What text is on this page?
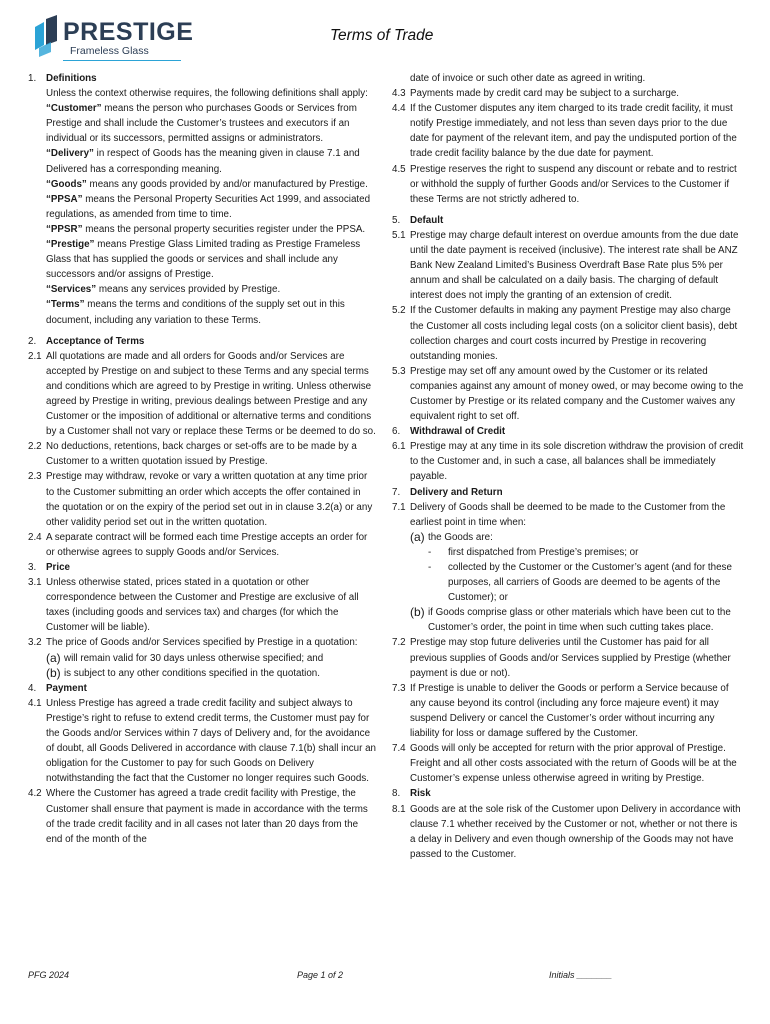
PRESTIGE
Frameless Glass
Terms of Trade
1.	Definitions
Unless the context otherwise requires, the following definitions shall apply:
“Customer” means the person who purchases Goods or Services from Prestige and shall include the Customer’s trustees and executors if an individual or its successors, permitted assigns or administrators.
“Delivery” in respect of Goods has the meaning given in clause 7.1 and Delivered has a corresponding meaning.
“Goods” means any goods provided by and/or manufactured by Prestige.
“PPSA” means the Personal Property Securities Act 1999, and associated regulations, as amended from time to time.
“PPSR” means the personal property securities register under the PPSA.
“Prestige” means Prestige Glass Limited trading as Prestige Frameless Glass that has supplied the goods or services and shall include any successors and/or assigns of Prestige.
“Services” means any services provided by Prestige.
“Terms” means the terms and conditions of the supply set out in this document, including any variation to these Terms.
2.	Acceptance of Terms
2.1 All quotations are made and all orders for Goods and/or Services are accepted by Prestige on and subject to these Terms and any special terms and conditions which are agreed to by Prestige in writing. Unless otherwise agreed by Prestige in writing, previous dealings between Prestige and any Customer or the imposition of additional or alternative terms and conditions by a Customer shall not vary or replace these Terms or be deemed to do so.
2.2 No deductions, retentions, back charges or set-offs are to be made by a Customer to a written quotation issued by Prestige.
2.3 Prestige may withdraw, revoke or vary a written quotation at any time prior to the Customer submitting an order which accepts the offer contained in the quotation or on the expiry of the period set out in in clause 3.2(a) or any other validity period set out in the written quotation.
2.4 A separate contract will be formed each time Prestige accepts an order for or otherwise agrees to supply Goods and/or Services.
3.	Price
3.1 Unless otherwise stated, prices stated in a quotation or other correspondence between the Customer and Prestige are exclusive of all taxes (including goods and services tax) and charges (for which the Customer will be liable).
3.2 The price of Goods and/or Services specified by Prestige in a quotation:
(a) will remain valid for 30 days unless otherwise specified; and
(b) is subject to any other conditions specified in the quotation.
4.	Payment
4.1 Unless Prestige has agreed a trade credit facility and subject always to Prestige’s right to refuse to extend credit terms, the Customer must pay for the Goods and/or Services within 7 days of Delivery and, for the avoidance of doubt, all Goods Delivered in accordance with clause 7.1(b) shall incur an obligation for the Customer to pay for such Goods on Delivery notwithstanding the fact that the Customer no longer requires such Goods.
4.2 Where the Customer has agreed a trade credit facility with Prestige, the Customer shall ensure that payment is made in accordance with the terms of the trade credit facility and in all cases not later than 20 days from the end of the month of the
date of invoice or such other date as agreed in writing.
4.3 Payments made by credit card may be subject to a surcharge.
4.4 If the Customer disputes any item charged to its trade credit facility, it must notify Prestige immediately, and not less than seven days prior to the due date for payment of the relevant item, and pay the undisputed portion of the trade credit facility balance by the due date for payment.
4.5 Prestige reserves the right to suspend any discount or rebate and to restrict or withhold the supply of further Goods and/or Services to the Customer if these Terms are not strictly adhered to.
5.	Default
5.1 Prestige may charge default interest on overdue amounts from the due date until the date payment is received (inclusive). The interest rate shall be ANZ Bank New Zealand Limited’s Business Overdraft Base Rate plus 5% per annum and shall be calculated on a daily basis. The charging of default interest does not imply the granting of an extension of credit.
5.2 If the Customer defaults in making any payment Prestige may also charge the Customer all costs including legal costs (on a solicitor client basis), debt collection charges and court costs incurred by Prestige in recovering outstanding monies.
5.3 Prestige may set off any amount owed by the Customer or its related companies against any amount of money owed, or may become owing to the Customer by Prestige or its related company and the Customer waives any equivalent right to set off.
6.	Withdrawal of Credit
6.1 Prestige may at any time in its sole discretion withdraw the provision of credit to the Customer and, in such a case, all balances shall be immediately payable.
7.	Delivery and Return
7.1 Delivery of Goods shall be deemed to be made to the Customer from the earliest point in time when:
(a) the Goods are:
-	first dispatched from Prestige’s premises; or
-	collected by the Customer or the Customer’s agent (and for these purposes, all carriers of Goods are deemed to be agents of the Customer); or
(b) if Goods comprise glass or other materials which have been cut to the Customer’s order, the point in time when such cutting takes place.
7.2 Prestige may stop future deliveries until the Customer has paid for all previous supplies of Goods and/or Services supplied by Prestige (whether payment is due or not).
7.3 If Prestige is unable to deliver the Goods or perform a Service because of any cause beyond its control (including any force majeure event) it may suspend Delivery or cancel the Customer’s order without incurring any liability for loss or damage suffered by the Customer.
7.4 Goods will only be accepted for return with the prior approval of Prestige. Freight and all other costs associated with the return of Goods will be at the Customer’s expense unless otherwise agreed in writing by Prestige.
8.	Risk
8.1 Goods are at the sole risk of the Customer upon Delivery in accordance with clause 7.1 whether received by the Customer or not, whether or not there is a delay in Delivery and even though ownership of the Goods may not have passed to the Customer.
PFG 2024	Page 1 of 2	Initials _______
